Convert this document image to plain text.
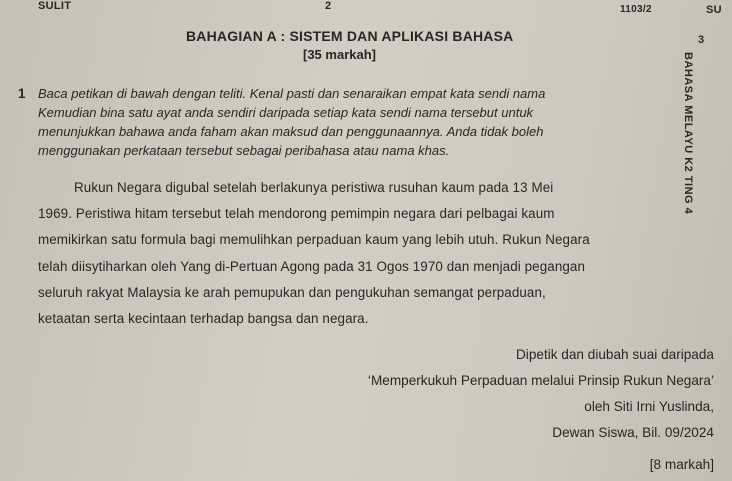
SULIT	2	1103/2	SU
3
BAHASA MELAYU K2 TING 4
BAHAGIAN A : SISTEM DAN APLIKASI BAHASA
[35 markah]
1 Baca petikan di bawah dengan teliti. Kenal pasti dan senaraikan empat kata sendi nama
Kemudian bina satu ayat anda sendiri daripada setiap kata sendi nama tersebut untuk
menunjukkan bahawa anda faham akan maksud dan penggunaannya. Anda tidak boleh
menggunakan perkataan tersebut sebagai peribahasa atau nama khas.
Rukun Negara digubal setelah berlakunya peristiwa rusuhan kaum pada 13 Mei
1969. Peristiwa hitam tersebut telah mendorong pemimpin negara dari pelbagai kaum
memikirkan satu formula bagi memulihkan perpaduan kaum yang lebih utuh. Rukun Negara
telah diisytiharkan oleh Yang di-Pertuan Agong pada 31 Ogos 1970 dan menjadi pegangan
seluruh rakyat Malaysia ke arah pemupukan dan pengukuhan semangat perpaduan,
ketaatan serta kecintaan terhadap bangsa dan negara.
Dipetik dan diubah suai daripada
‘Memperkukuh Perpaduan melalui Prinsip Rukun Negara’
oleh Siti Irni Yuslinda,
Dewan Siswa, Bil. 09/2024
[8 markah]
